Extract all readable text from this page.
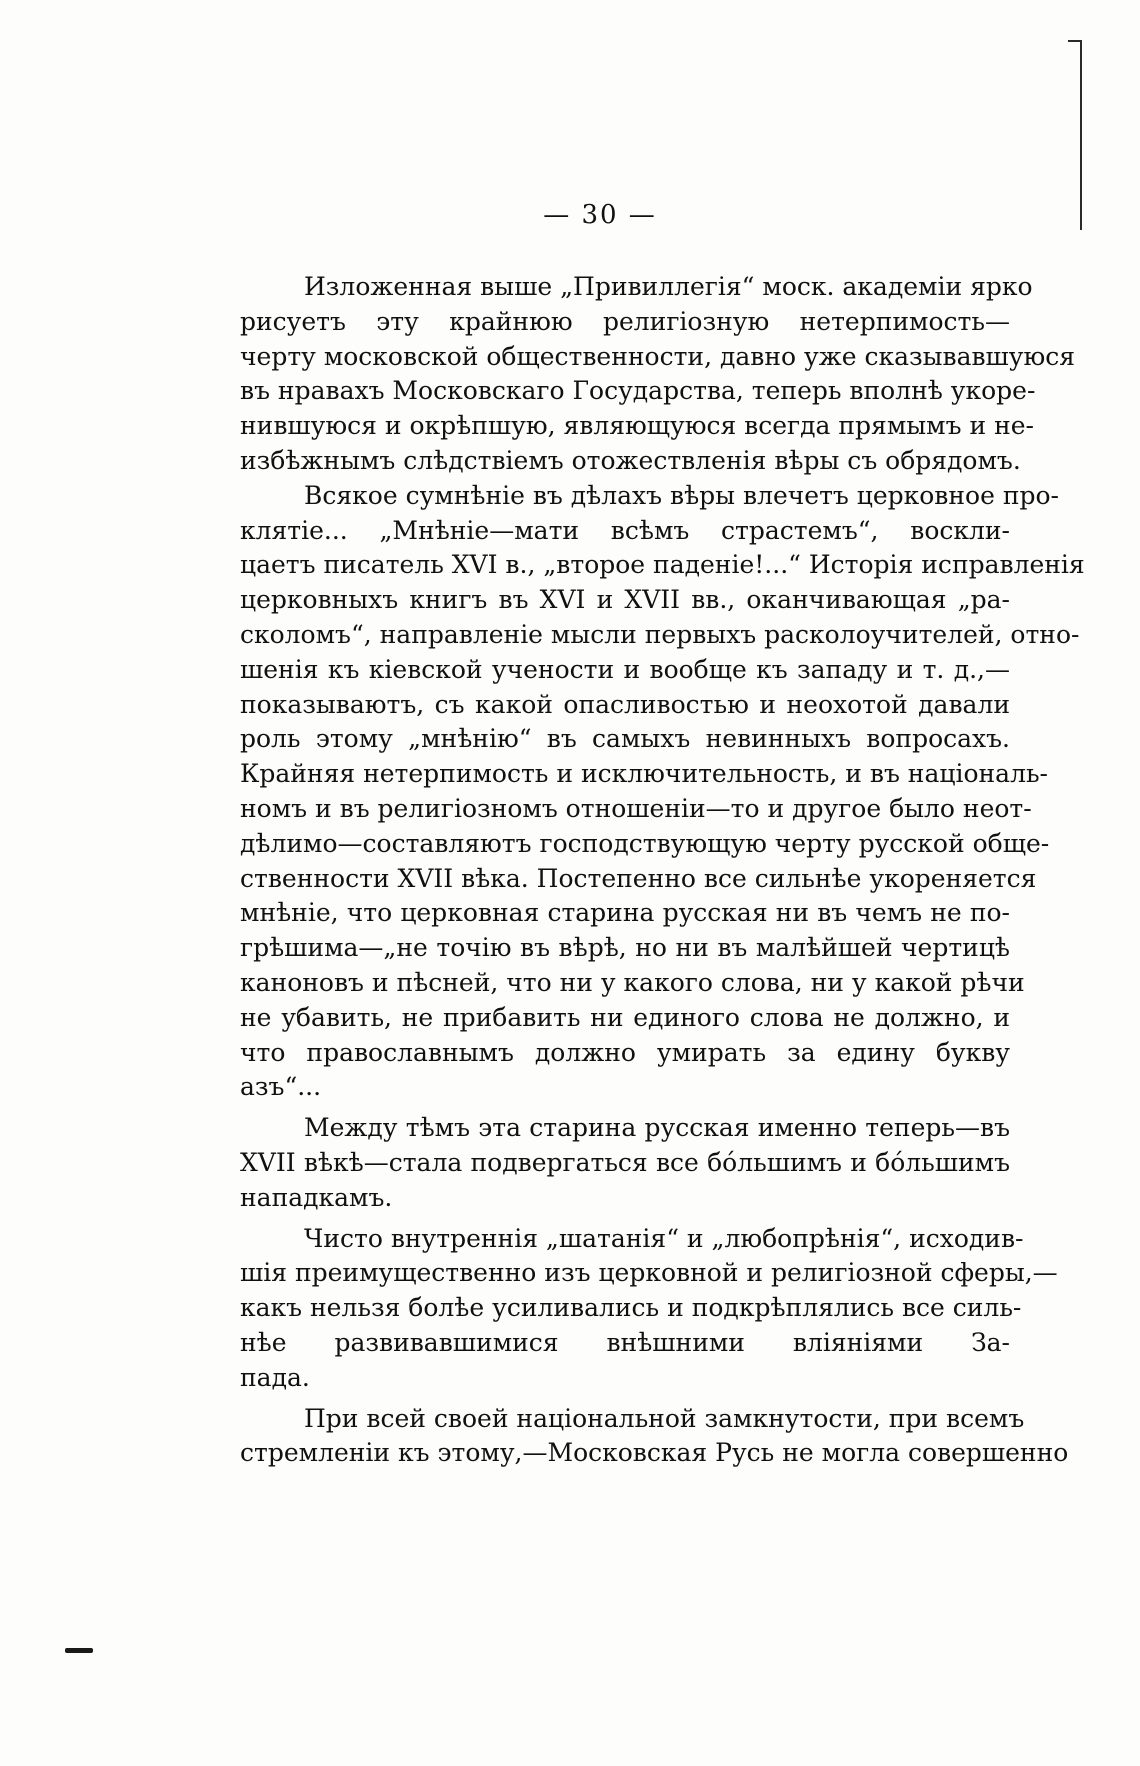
— 30 —
Изложенная выше „Привиллегія“ моск. академіи ярко
рисуетъ эту крайнюю религіозную нетерпимость—
черту московской общественности, давно уже сказывавшуюся
въ нравахъ Московскаго Государства, теперь вполнѣ укоре-
нившуюся и окрѣпшую, являющуюся всегда прямымъ и не-
избѣжнымъ слѣдствіемъ отожествленія вѣры съ обрядомъ.
Всякое сумнѣніе въ дѣлахъ вѣры влечетъ церковное про-
клятіе... „Мнѣніе—мати всѣмъ страстемъ“, воскли-
цаетъ писатель XVI в., „второе паденіе!...“ Исторія исправленія
церковныхъ книгъ въ XVI и XVII вв., оканчивающая „ра-
сколомъ“, направленіе мысли первыхъ расколоучителей, отно-
шенія къ кіевской учености и вообще къ западу и т. д.,—
показываютъ, съ какой опасливостью и неохотой давали
роль этому „мнѣнію“ въ самыхъ невинныхъ вопросахъ.
Крайняя нетерпимость и исключительность, и въ національ-
номъ и въ религіозномъ отношеніи—то и другое было неот-
дѣлимо—составляютъ господствующую черту русской обще-
ственности XVII вѣка. Постепенно все сильнѣе укореняется
мнѣніе, что церковная старина русская ни въ чемъ не по-
грѣшима—„не точію въ вѣрѣ, но ни въ малѣйшей чертицѣ
каноновъ и пѣсней, что ни у какого слова, ни у какой рѣчи
не убавить, не прибавить ни единого слова не должно, и
что православнымъ должно умирать за едину букву
азъ“...
Между тѣмъ эта старина русская именно теперь—въ
XVII вѣкѣ—стала подвергаться все бóльшимъ и бóльшимъ
нападкамъ.
Чисто внутреннія „шатанія“ и „любопрѣнія“, исходив-
шія преимущественно изъ церковной и религіозной сферы,—
какъ нельзя болѣе усиливались и подкрѣплялись все силь-
нѣе развивавшимися внѣшними вліяніями За-
пада.
При всей своей національной замкнутости, при всемъ
стремленіи къ этому,—Московская Русь не могла совершенно
